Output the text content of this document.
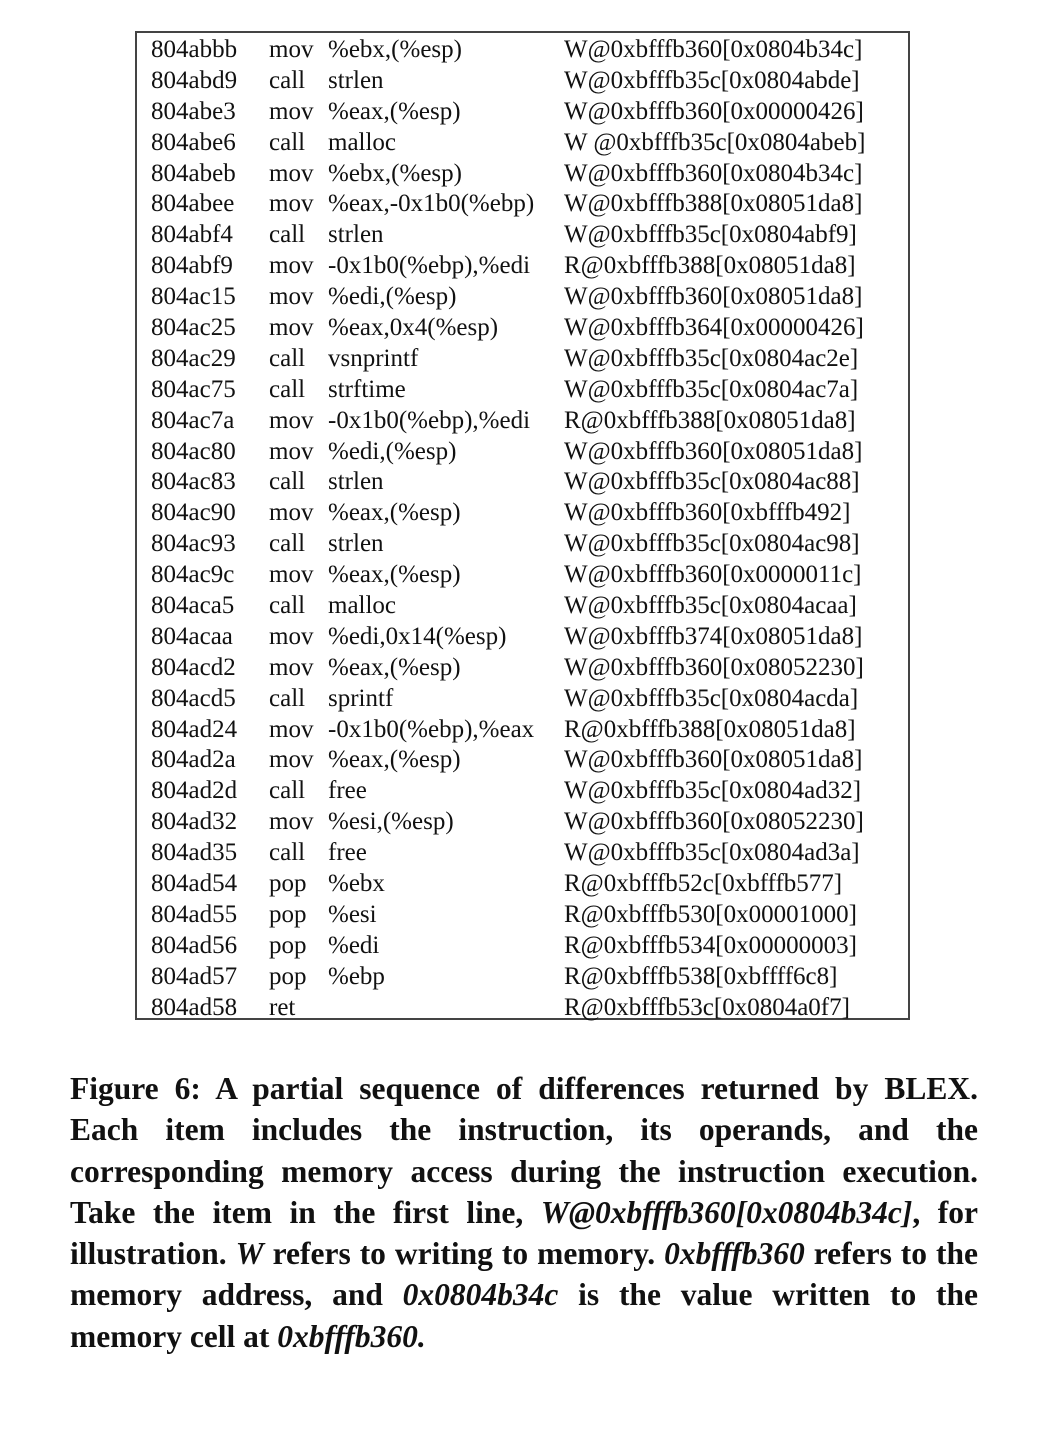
804abbb mov %ebx,(%esp)	W@0xbfffb360[0x0804b34c]
804abd9 call strlen	W@0xbfffb35c[0x0804abde]
804abe3 mov %eax,(%esp)	W@0xbfffb360[0x00000426]
804abe6 call malloc	W @0xbfffb35c[0x0804abeb]
804abeb mov %ebx,(%esp)	W@0xbfffb360[0x0804b34c]
804abee mov %eax,-0x1b0(%ebp) W@0xbfffb388[0x08051da8]
804abf4 call strlen	W@0xbfffb35c[0x0804abf9]
804abf9 mov -0x1b0(%ebp),%edi R@0xbfffb388[0x08051da8]
804ac15 mov %edi,(%esp)	W@0xbfffb360[0x08051da8]
804ac25 mov %eax,0x4(%esp)	W@0xbfffb364[0x00000426]
804ac29 call vsnprintf	W@0xbfffb35c[0x0804ac2e]
804ac75 call strftime	W@0xbfffb35c[0x0804ac7a]
804ac7a mov -0x1b0(%ebp),%edi R@0xbfffb388[0x08051da8]
804ac80 mov %edi,(%esp)	W@0xbfffb360[0x08051da8]
804ac83 call strlen	W@0xbfffb35c[0x0804ac88]
804ac90 mov %eax,(%esp)	W@0xbfffb360[0xbfffb492]
804ac93 call strlen	W@0xbfffb35c[0x0804ac98]
804ac9c mov %eax,(%esp)	W@0xbfffb360[0x0000011c]
804aca5 call malloc	W@0xbfffb35c[0x0804acaa]
804acaa mov %edi,0x14(%esp) W@0xbfffb374[0x08051da8]
804acd2 mov %eax,(%esp)	W@0xbfffb360[0x08052230]
804acd5 call sprintf	W@0xbfffb35c[0x0804acda]
804ad24 mov -0x1b0(%ebp),%eax R@0xbfffb388[0x08051da8]
804ad2a mov %eax,(%esp)	W@0xbfffb360[0x08051da8]
804ad2d call free	W@0xbfffb35c[0x0804ad32]
804ad32 mov %esi,(%esp)	W@0xbfffb360[0x08052230]
804ad35 call free	W@0xbfffb35c[0x0804ad3a]
804ad54 pop %ebx	R@0xbfffb52c[0xbfffb577]
804ad55 pop %esi	R@0xbfffb530[0x00001000]
804ad56 pop %edi	R@0xbfffb534[0x00000003]
804ad57 pop %ebp	R@0xbfffb538[0xbffff6c8]
804ad58 ret	R@0xbfffb53c[0x0804a0f7]
Figure 6: A partial sequence of differences returned by BLEX. Each item includes the instruction, its operands, and the corresponding memory access during the instruction execution. Take the item in the first line, W@0xbfffb360[0x0804b34c], for illustration. W refers to writing to memory. 0xbfffb360 refers to the memory address, and 0x0804b34c is the value written to the memory cell at 0xbfffb360.
